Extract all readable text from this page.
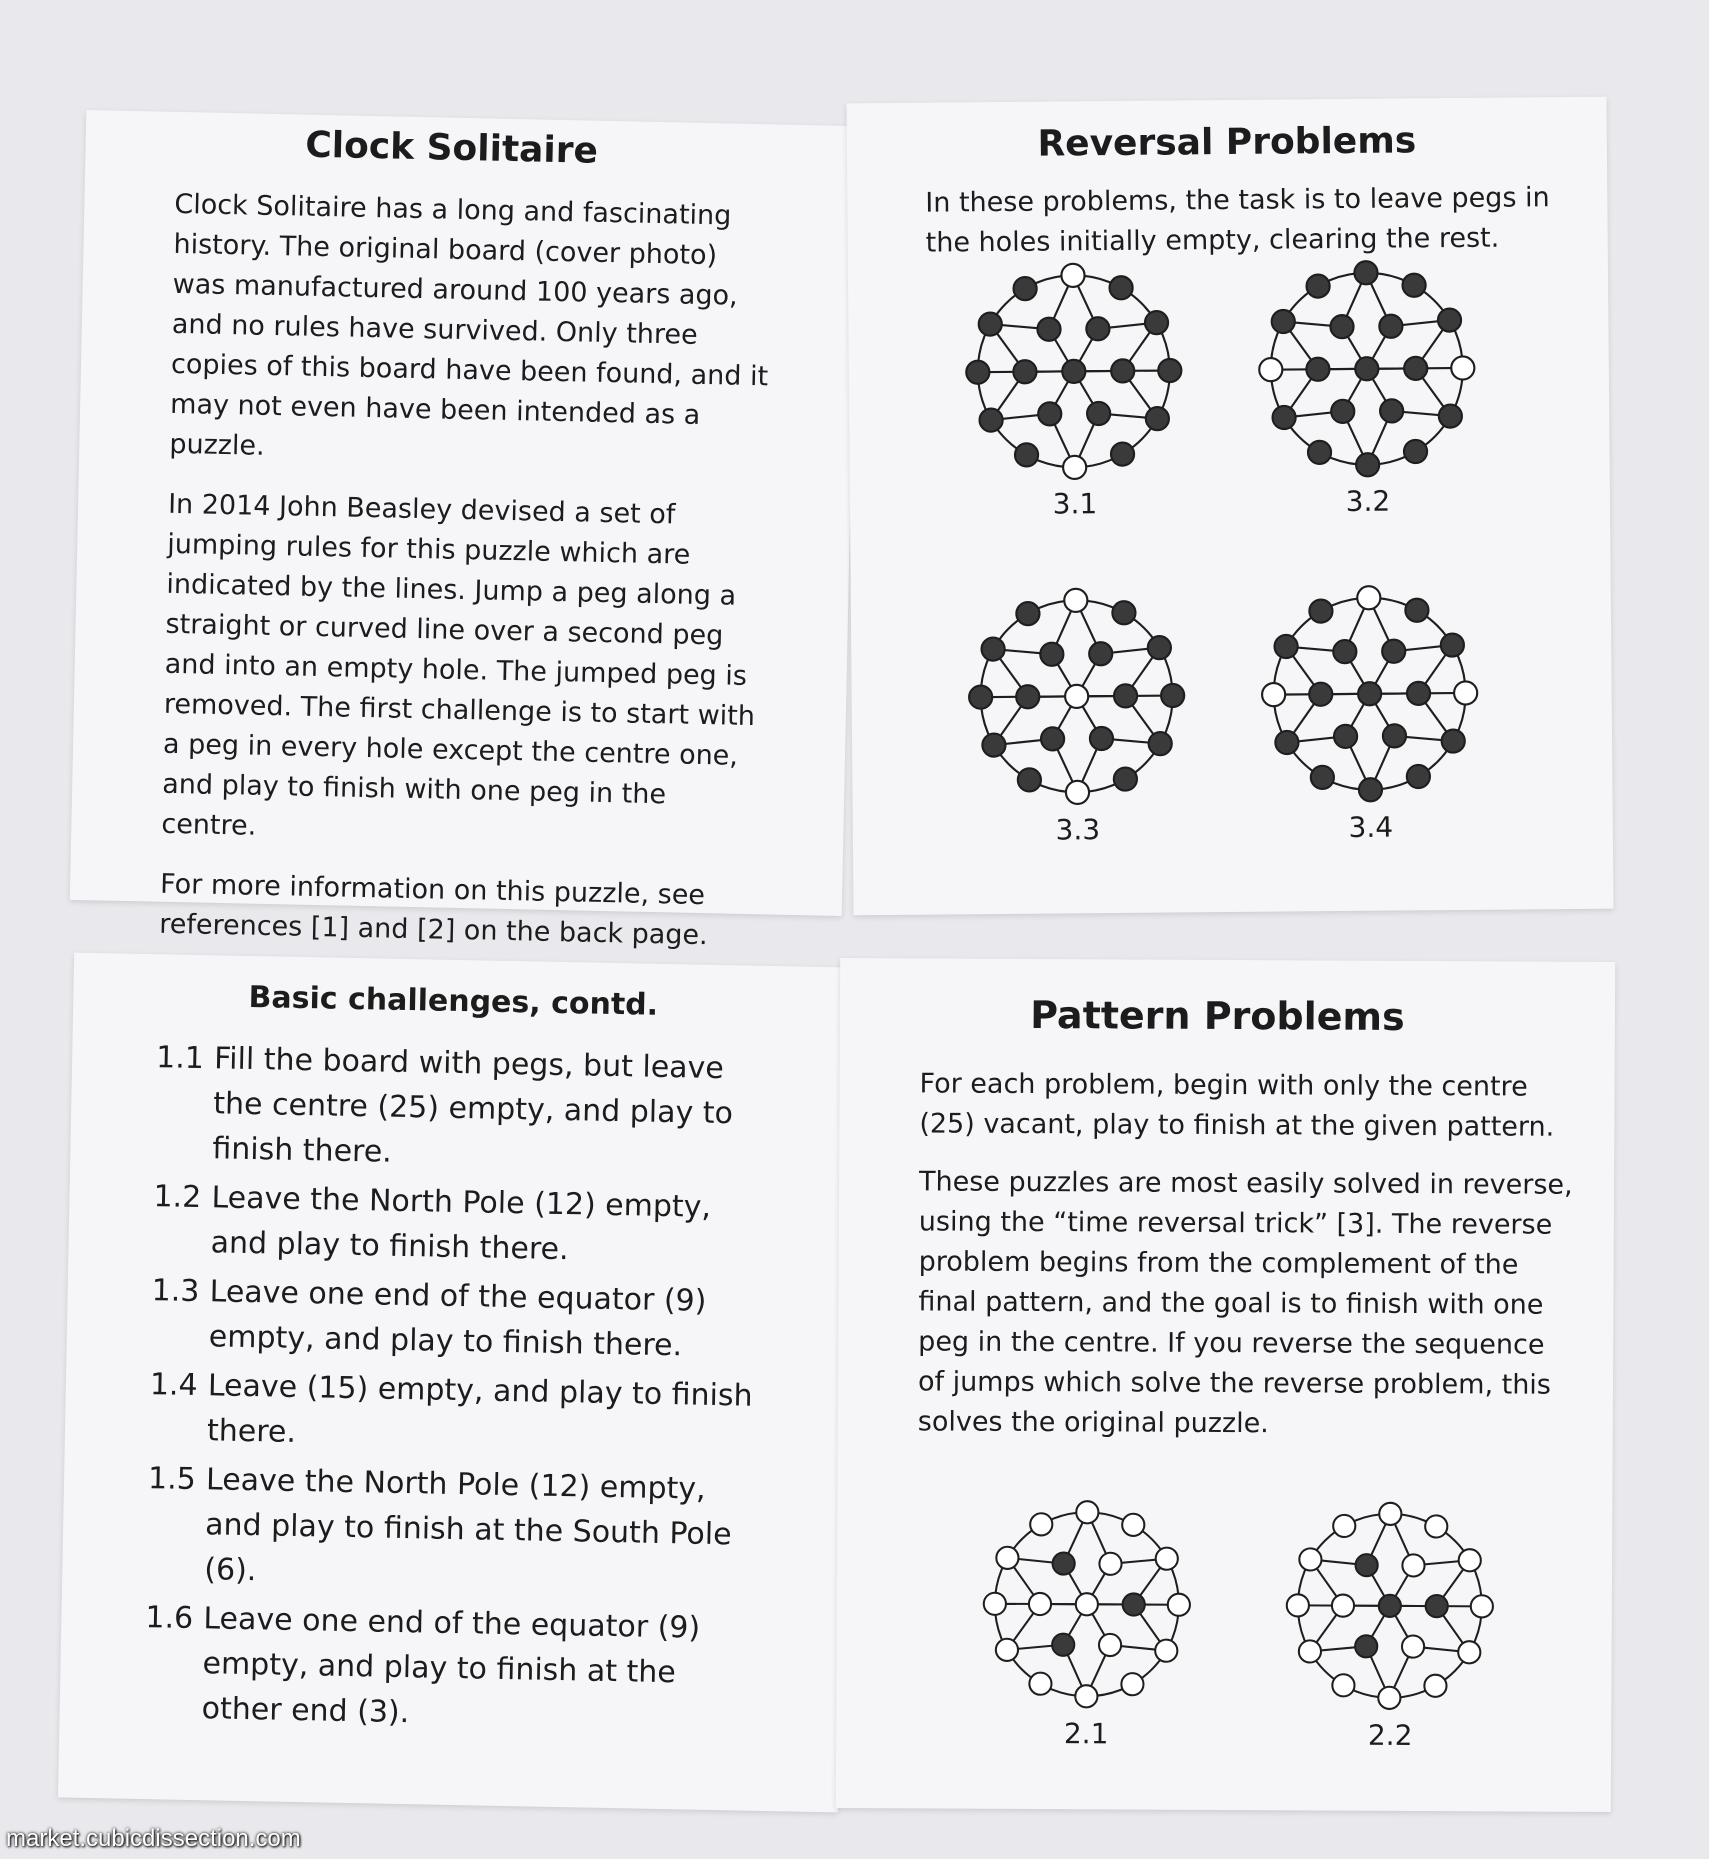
Clock Solitaire

Clock Solitaire has a long and fascinating history. The original board (cover photo) was manufactured around 100 years ago, and no rules have survived. Only three copies of this board have been found, and it may not even have been intended as a puzzle.

In 2014 John Beasley devised a set of jumping rules for this puzzle which are indicated by the lines. Jump a peg along a straight or curved line over a second peg and into an empty hole. The jumped peg is removed. The first challenge is to start with a peg in every hole except the centre one, and play to finish with one peg in the centre.

For more information on this puzzle, see references [1] and [2] on the back page.

Reversal Problems

In these problems, the task is to leave pegs in the holes initially empty, clearing the rest.

3.1	3.2
3.3	3.4
Basic challenges, contd.
1.1 Fill the board with pegs, but leave the centre (25) empty, and play to finish there.
1.2 Leave the North Pole (12) empty, and play to finish there.
1.3 Leave one end of the equator (9) empty, and play to finish there.
1.4 Leave (15) empty, and play to finish there.
1.5 Leave the North Pole (12) empty, and play to finish at the South Pole (6).
1.6 Leave one end of the equator (9) empty, and play to finish at the other end (3).
Pattern Problems

For each problem, begin with only the centre (25) vacant, play to finish at the given pattern.

These puzzles are most easily solved in reverse, using the “time reversal trick” [3]. The reverse problem begins from the complement of the final pattern, and the goal is to finish with one peg in the centre. If you reverse the sequence of jumps which solve the reverse problem, this solves the original puzzle.

2.1	2.2
market.cubicdissection.com
